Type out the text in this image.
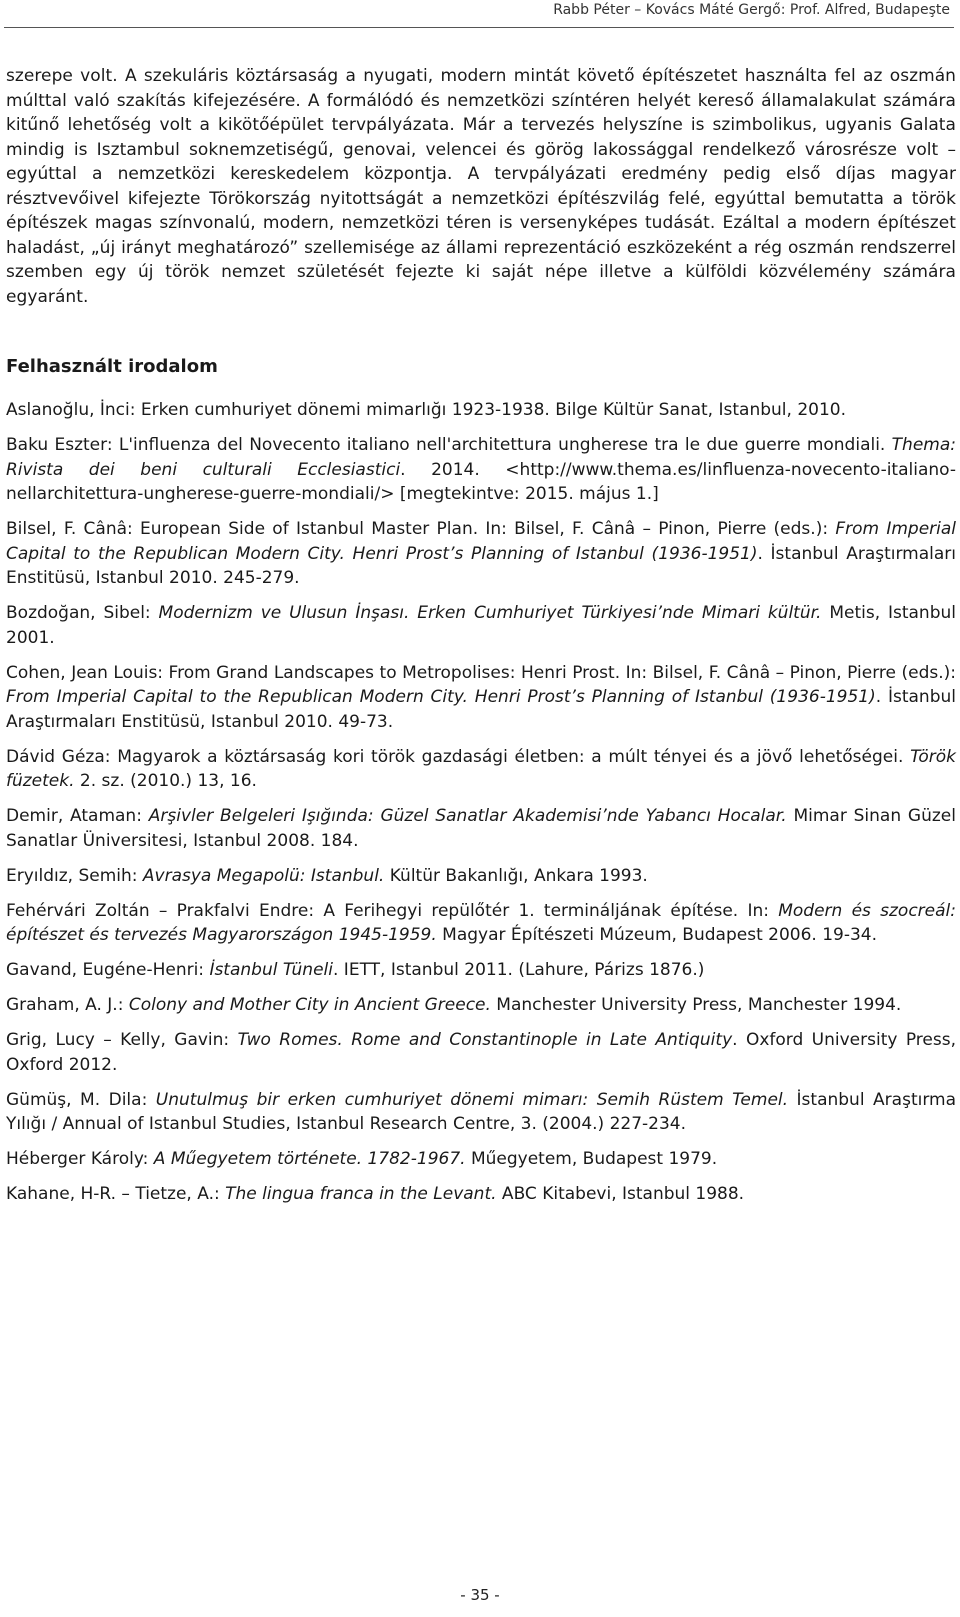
Rabb Péter – Kovács Máté Gergő: Prof. Alfred, Budapeşte

szerepe volt. A szekuláris köztársaság a nyugati, modern mintát követő építészetet használta fel az oszmán múlttal való szakítás kifejezésére. A formálódó és nemzetközi színtéren helyét kereső államalakulat számára kitűnő lehetőség volt a kikötőépület tervpályázata. Már a tervezés helyszíne is szimbolikus, ugyanis Galata mindig is Isztambul soknemzetiségű, genovai, velencei és görög lakossággal rendelkező városrésze volt – egyúttal a nemzetközi kereskedelem központja. A tervpályázati eredmény pedig első díjas magyar résztvevőivel kifejezte Törökország nyitottságát a nemzetközi építészvilág felé, egyúttal bemutatta a török építészek magas színvonalú, modern, nemzetközi téren is versenyképes tudását. Ezáltal a modern építészet haladást, „új irányt meghatározó” szellemisége az állami reprezentáció eszközeként a rég oszmán rendszerrel szemben egy új török nemzet születését fejezte ki saját népe illetve a külföldi közvélemény számára egyaránt.

Felhasznált irodalom

Aslanoğlu, İnci: Erken cumhuriyet dönemi mimarlığı 1923-1938. Bilge Kültür Sanat, Istanbul, 2010.

Baku Eszter: L'influenza del Novecento italiano nell'architettura ungherese tra le due guerre mondiali. Thema: Rivista dei beni culturali Ecclesiastici. 2014. <http://www.thema.es/linfluenza-novecento-italiano-nellarchitettura-ungherese-guerre-mondiali/> [megtekintve: 2015. május 1.]

Bilsel, F. Cânâ: European Side of Istanbul Master Plan. In: Bilsel, F. Cânâ – Pinon, Pierre (eds.): From Imperial Capital to the Republican Modern City. Henri Prost’s Planning of Istanbul (1936-1951). İstanbul Araştırmaları Enstitüsü, Istanbul 2010. 245-279.

Bozdoğan, Sibel: Modernizm ve Ulusun İnşası. Erken Cumhuriyet Türkiyesi’nde Mimari kültür. Metis, Istanbul 2001.

Cohen, Jean Louis: From Grand Landscapes to Metropolises: Henri Prost. In: Bilsel, F. Cânâ – Pinon, Pierre (eds.): From Imperial Capital to the Republican Modern City. Henri Prost’s Planning of Istanbul (1936-1951). İstanbul Araştırmaları Enstitüsü, Istanbul 2010. 49-73.

Dávid Géza: Magyarok a köztársaság kori török gazdasági életben: a múlt tényei és a jövő lehetőségei. Török füzetek. 2. sz. (2010.) 13, 16.

Demir, Ataman: Arşivler Belgeleri Işığında: Güzel Sanatlar Akademisi’nde Yabancı Hocalar. Mimar Sinan Güzel Sanatlar Üniversitesi, Istanbul 2008. 184.

Eryıldız, Semih: Avrasya Megapolü: Istanbul. Kültür Bakanlığı, Ankara 1993.

Fehérvári Zoltán – Prakfalvi Endre: A Ferihegyi repülőtér 1. termináljának építése. In: Modern és szocreál: építészet és tervezés Magyarországon 1945-1959. Magyar Építészeti Múzeum, Budapest 2006. 19-34.

Gavand, Eugéne-Henri: İstanbul Tüneli. IETT, Istanbul 2011. (Lahure, Párizs 1876.)

Graham, A. J.: Colony and Mother City in Ancient Greece. Manchester University Press, Manchester 1994.

Grig, Lucy – Kelly, Gavin: Two Romes. Rome and Constantinople in Late Antiquity. Oxford University Press, Oxford 2012.

Gümüş, M. Dila: Unutulmuş bir erken cumhuriyet dönemi mimarı: Semih Rüstem Temel. İstanbul Araştırma Yılığı / Annual of Istanbul Studies, Istanbul Research Centre, 3. (2004.) 227-234.

Héberger Károly: A Műegyetem története. 1782-1967. Műegyetem, Budapest 1979.

Kahane, H-R. – Tietze, A.: The lingua franca in the Levant. ABC Kitabevi, Istanbul 1988.

- 35 -
